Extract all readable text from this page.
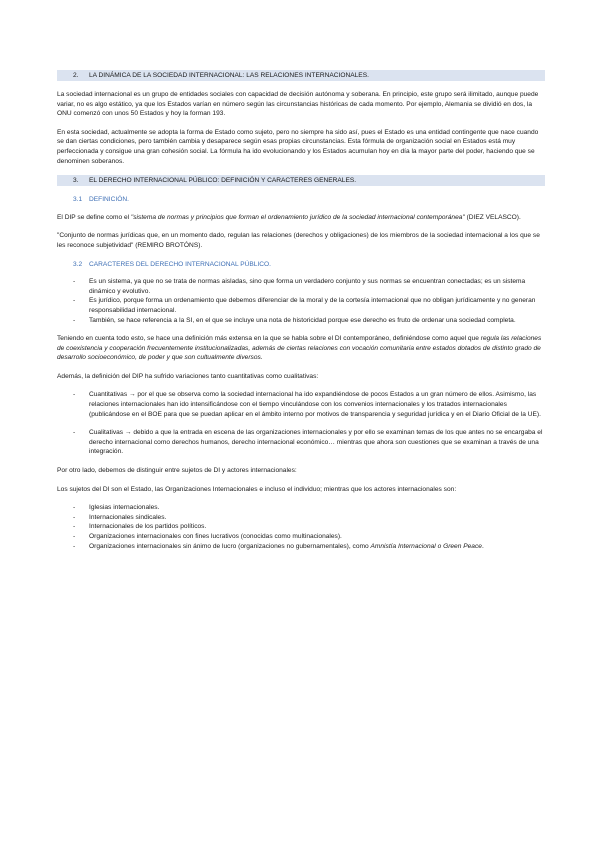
2. LA DINÁMICA DE LA SOCIEDAD INTERNACIONAL: LAS RELACIONES INTERNACIONALES.

La sociedad internacional es un grupo de entidades sociales con capacidad de decisión autónoma y soberana. En principio, este grupo será ilimitado, aunque puede variar, no es algo estático, ya que los Estados varían en número según las circunstancias históricas de cada momento. Por ejemplo, Alemania se dividió en dos, la ONU comenzó con unos 50 Estados y hoy la forman 193.

En esta sociedad, actualmente se adopta la forma de Estado como sujeto, pero no siempre ha sido así, pues el Estado es una entidad contingente que nace cuando se dan ciertas condiciones, pero también cambia y desaparece según esas propias circunstancias. Esta fórmula de organización social en Estados está muy perfeccionada y consigue una gran cohesión social. La fórmula ha ido evolucionando y los Estados acumulan hoy en día la mayor parte del poder, haciendo que se denominen soberanos.

3. EL DERECHO INTERNACIONAL PÚBLICO: DEFINICIÓN Y CARACTERES GENERALES.
3.1 DEFINICIÓN.

El DIP se define como el "sistema de normas y principios que forman el ordenamiento jurídico de la sociedad internacional contemporánea" (DIEZ VELASCO).

"Conjunto de normas jurídicas que, en un momento dado, regulan las relaciones (derechos y obligaciones) de los miembros de la sociedad internacional a los que se les reconoce subjetividad" (REMIRO BROTÓNS).

3.2 CARACTERES DEL DERECHO INTERNACIONAL PÚBLICO.
- Es un sistema, ya que no se trata de normas aisladas, sino que forma un verdadero conjunto y sus normas se encuentran conectadas; es un sistema dinámico y evolutivo.
- Es jurídico, porque forma un ordenamiento que debemos diferenciar de la moral y de la cortesía internacional que no obligan jurídicamente y no generan responsabilidad internacional.
- También, se hace referencia a la SI, en el que se incluye una nota de historicidad porque ese derecho es fruto de ordenar una sociedad completa.

Teniendo en cuenta todo esto, se hace una definición más extensa en la que se habla sobre el DI contemporáneo, definiéndose como aquel que regula las relaciones de coexistencia y cooperación frecuentemente institucionalizadas, además de ciertas relaciones con vocación comunitaria entre estados dotados de distinto grado de desarrollo socioeconómico, de poder y que son cultualmente diversos.

Además, la definición del DIP ha sufrido variaciones tanto cuantitativas como cualitativas:

- Cuantitativas → por el que se observa como la sociedad internacional ha ido expandiéndose de pocos Estados a un gran número de ellos. Asimismo, las relaciones internacionales han ido intensificándose con el tiempo vinculándose con los convenios internacionales y los tratados internacionales (publicándose en el BOE para que se puedan aplicar en el ámbito interno por motivos de transparencia y seguridad jurídica y en el Diario Oficial de la UE).
- Cualitativas → debido a que la entrada en escena de las organizaciones internacionales y por ello se examinan temas de los que antes no se encargaba el derecho internacional como derechos humanos, derecho internacional económico… mientras que ahora son cuestiones que se examinan a través de una integración.

Por otro lado, debemos de distinguir entre sujetos de DI y actores internacionales:

Los sujetos del DI son el Estado, las Organizaciones Internacionales e incluso el individuo; mientras que los actores internacionales son:

- Iglesias internacionales.
- Internacionales sindicales.
- Internacionales de los partidos políticos.
- Organizaciones internacionales con fines lucrativos (conocidas como multinacionales).
- Organizaciones internacionales sin ánimo de lucro (organizaciones no gubernamentales), como Amnistía Internacional o Green Peace.
